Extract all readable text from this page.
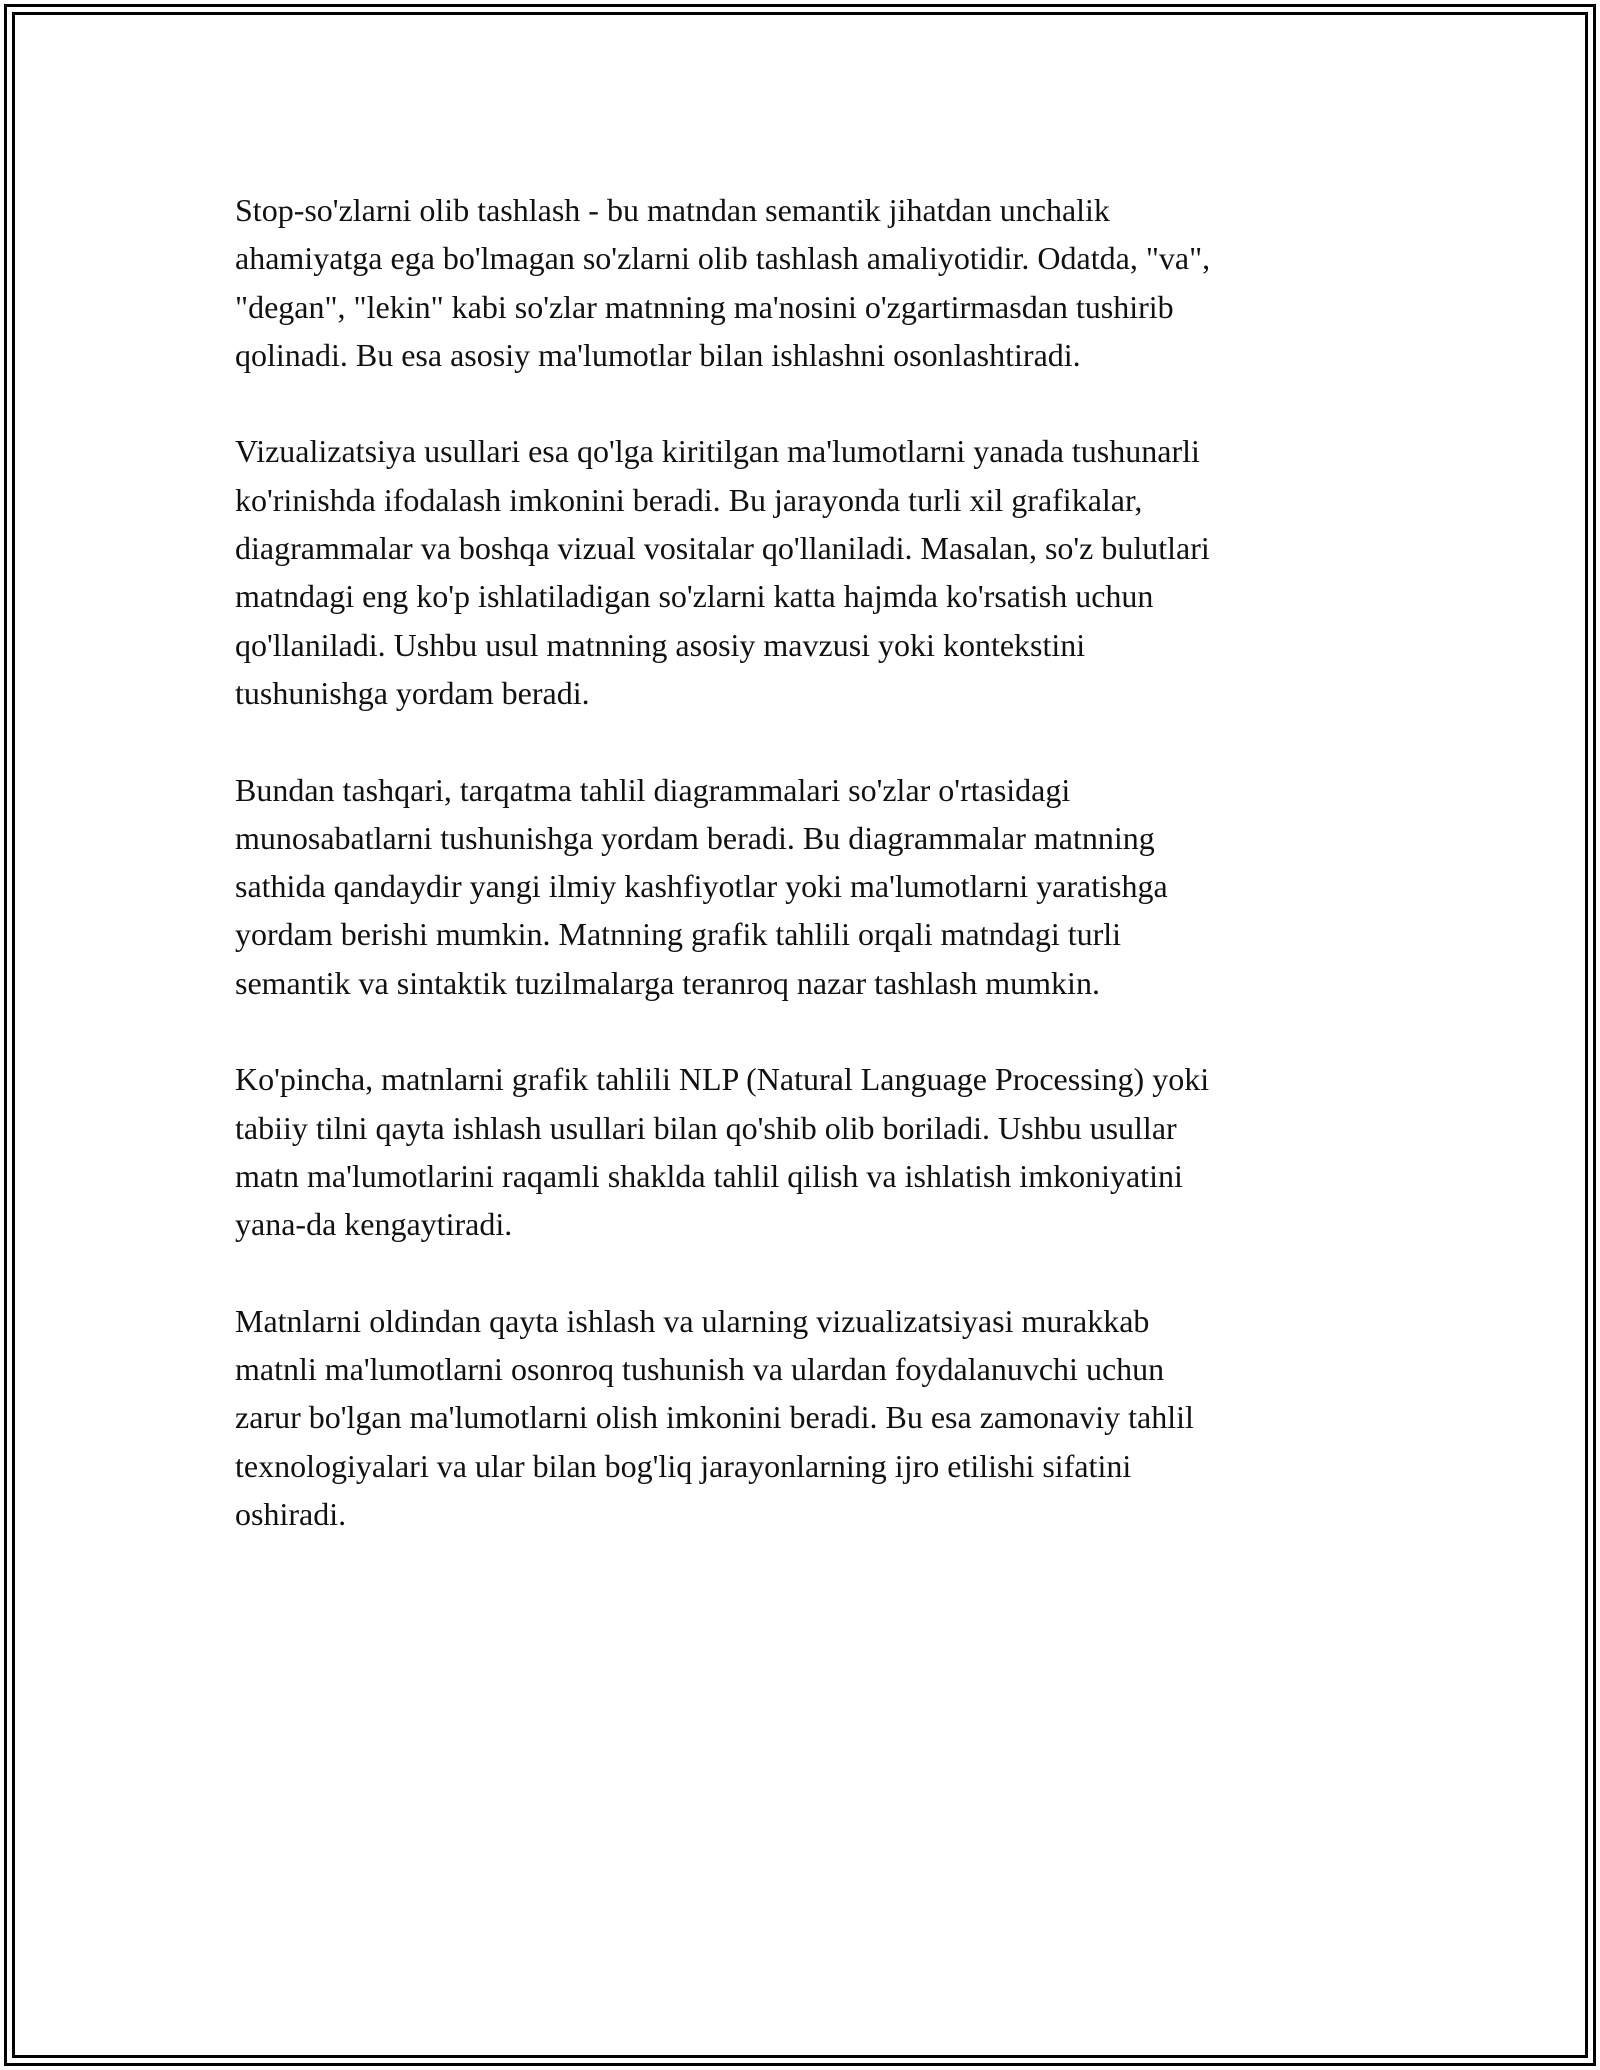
Stop-so'zlarni olib tashlash - bu matndan semantik jihatdan unchalik
ahamiyatga ega bo'lmagan so'zlarni olib tashlash amaliyotidir. Odatda, "va",
"degan", "lekin" kabi so'zlar matnning ma'nosini o'zgartirmasdan tushirib
qolinadi. Bu esa asosiy ma'lumotlar bilan ishlashni osonlashtiradi.

Vizualizatsiya usullari esa qo'lga kiritilgan ma'lumotlarni yanada tushunarli
ko'rinishda ifodalash imkonini beradi. Bu jarayonda turli xil grafikalar,
diagrammalar va boshqa vizual vositalar qo'llaniladi. Masalan, so'z bulutlari
matndagi eng ko'p ishlatiladigan so'zlarni katta hajmda ko'rsatish uchun
qo'llaniladi. Ushbu usul matnning asosiy mavzusi yoki kontekstini
tushunishga yordam beradi.

Bundan tashqari, tarqatma tahlil diagrammalari so'zlar o'rtasidagi
munosabatlarni tushunishga yordam beradi. Bu diagrammalar matnning
sathida qandaydir yangi ilmiy kashfiyotlar yoki ma'lumotlarni yaratishga
yordam berishi mumkin. Matnning grafik tahlili orqali matndagi turli
semantik va sintaktik tuzilmalarga teranroq nazar tashlash mumkin.

Ko'pincha, matnlarni grafik tahlili NLP (Natural Language Processing) yoki
tabiiy tilni qayta ishlash usullari bilan qo'shib olib boriladi. Ushbu usullar
matn ma'lumotlarini raqamli shaklda tahlil qilish va ishlatish imkoniyatini
yana-da kengaytiradi.

Matnlarni oldindan qayta ishlash va ularning vizualizatsiyasi murakkab
matnli ma'lumotlarni osonroq tushunish va ulardan foydalanuvchi uchun
zarur bo'lgan ma'lumotlarni olish imkonini beradi. Bu esa zamonaviy tahlil
texnologiyalari va ular bilan bog'liq jarayonlarning ijro etilishi sifatini
oshiradi.
